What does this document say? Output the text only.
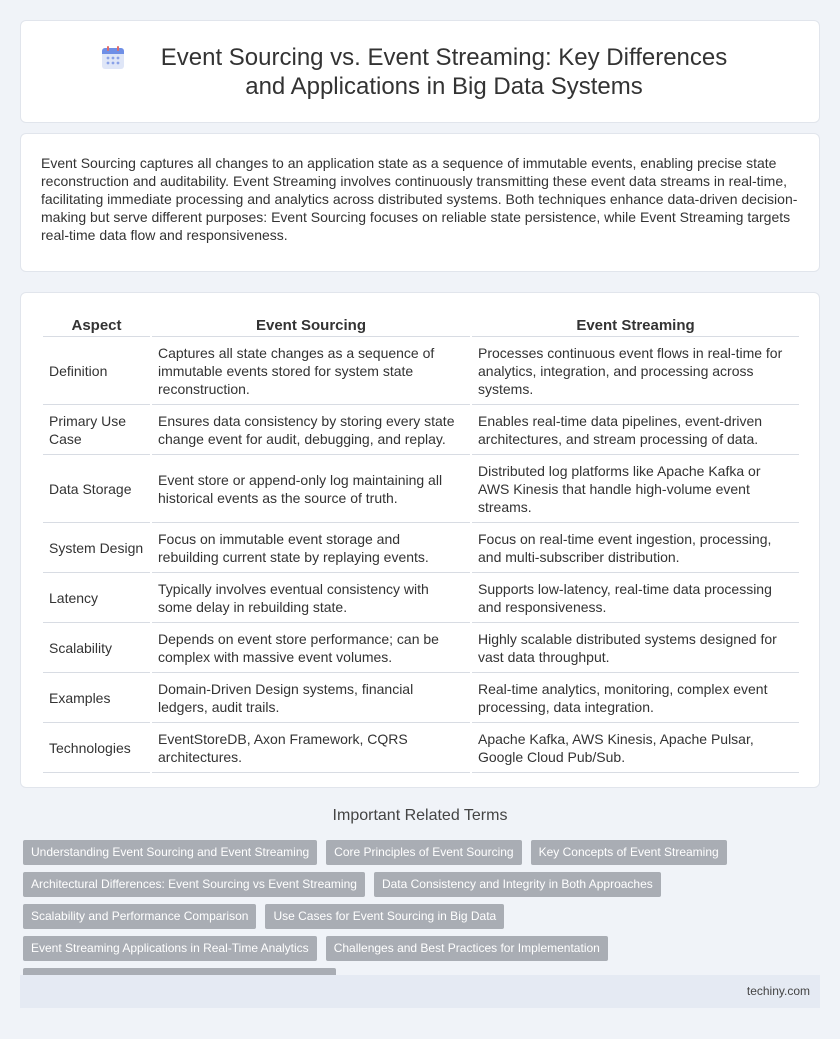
Event Sourcing vs. Event Streaming: Key Differences and Applications in Big Data Systems

Event Sourcing captures all changes to an application state as a sequence of immutable events, enabling precise state reconstruction and auditability. Event Streaming involves continuously transmitting these event data streams in real-time, facilitating immediate processing and analytics across distributed systems. Both techniques enhance data-driven decision-making but serve different purposes: Event Sourcing focuses on reliable state persistence, while Event Streaming targets real-time data flow and responsiveness.

Aspect	Event Sourcing	Event Streaming
Definition	Captures all state changes as a sequence of immutable events stored for system state reconstruction.	Processes continuous event flows in real-time for analytics, integration, and processing across systems.
Primary Use Case	Ensures data consistency by storing every state change event for audit, debugging, and replay.	Enables real-time data pipelines, event-driven architectures, and stream processing of data.
Data Storage	Event store or append-only log maintaining all historical events as the source of truth.	Distributed log platforms like Apache Kafka or AWS Kinesis that handle high-volume event streams.
System Design	Focus on immutable event storage and rebuilding current state by replaying events.	Focus on real-time event ingestion, processing, and multi-subscriber distribution.
Latency	Typically involves eventual consistency with some delay in rebuilding state.	Supports low-latency, real-time data processing and responsiveness.
Scalability	Depends on event store performance; can be complex with massive event volumes.	Highly scalable distributed systems designed for vast data throughput.
Examples	Domain-Driven Design systems, financial ledgers, audit trails.	Real-time analytics, monitoring, complex event processing, data integration.
Technologies	EventStoreDB, Axon Framework, CQRS architectures.	Apache Kafka, AWS Kinesis, Apache Pulsar, Google Cloud Pub/Sub.
Important Related Terms
Understanding Event Sourcing and Event Streaming	Core Principles of Event Sourcing	Key Concepts of Event Streaming
Architectural Differences: Event Sourcing vs Event Streaming	Data Consistency and Integrity in Both Approaches
Scalability and Performance Comparison	Use Cases for Event Sourcing in Big Data
Event Streaming Applications in Real-Time Analytics	Challenges and Best Practices for Implementation
techiny.com
